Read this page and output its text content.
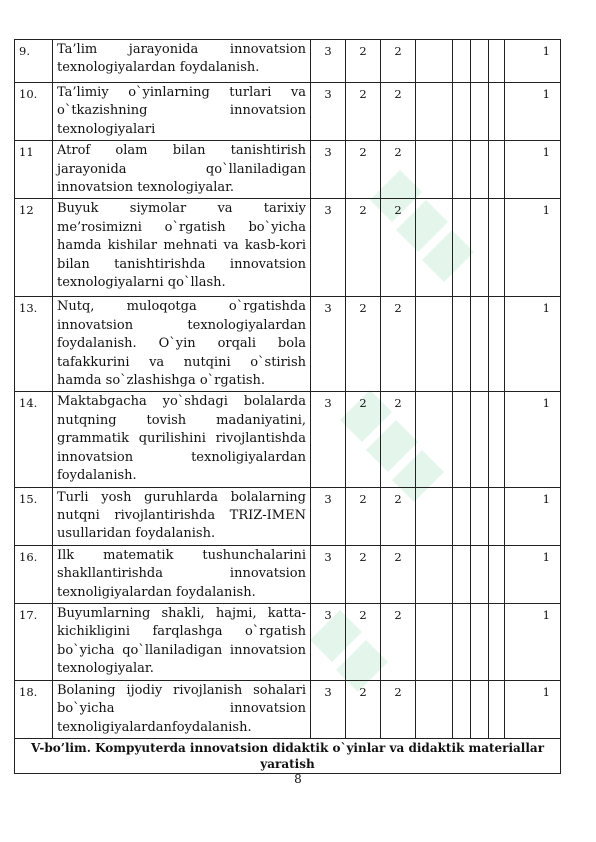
9.	Ta’lim jarayonida innovatsion texnologiyalardan foydalanish.	3	2	2					1
10.	Ta’limiy o`yinlarning turlari va o`tkazishning innovatsion texnologiyalari	3	2	2					1
11	Atrof olam bilan tanishtirish jarayonida qo`llaniladigan innovatsion texnologiyalar.	3	2	2					1
12	Buyuk siymolar va tarixiy me’rosimizni o`rgatish bo`yicha hamda kishilar mehnati va kasb-kori bilan tanishtirishda innovatsion texnologiyalarni qo`llash.	3	2	2					1
13.	Nutq, muloqotga o`rgatishda innovatsion texnologiyalardan foydalanish. O`yin orqali bola tafakkurini va nutqini o`stirish hamda so`zlashishga o`rgatish.	3	2	2					1
14.	Maktabgacha yo`shdagi bolalarda nutqning tovish madaniyatini, grammatik qurilishini rivojlantishda innovatsion texnoligiyalardan foydalanish.	3	2	2					1
15.	Turli yosh guruhlarda bolalarning nutqni rivojlantirishda TRIZ-IMEN usullaridan foydalanish.	3	2	2					1
16.	Ilk matematik tushunchalarini shakllantirishda innovatsion texnoligiyalardan foydalanish.	3	2	2					1
17.	Buyumlarning shakli, hajmi, katta-kichikligini farqlashga o`rgatish bo`yicha qo`llaniladigan innovatsion texnologiyalar.	3	2	2					1
18.	Bolaning ijodiy rivojlanish sohalari bo`yicha innovatsion texnoligiyalardanfoydalanish.	3	2	2					1
V-bo’lim. Kompyuterda innovatsion didaktik o`yinlar va didaktik materiallar yaratish									
8
